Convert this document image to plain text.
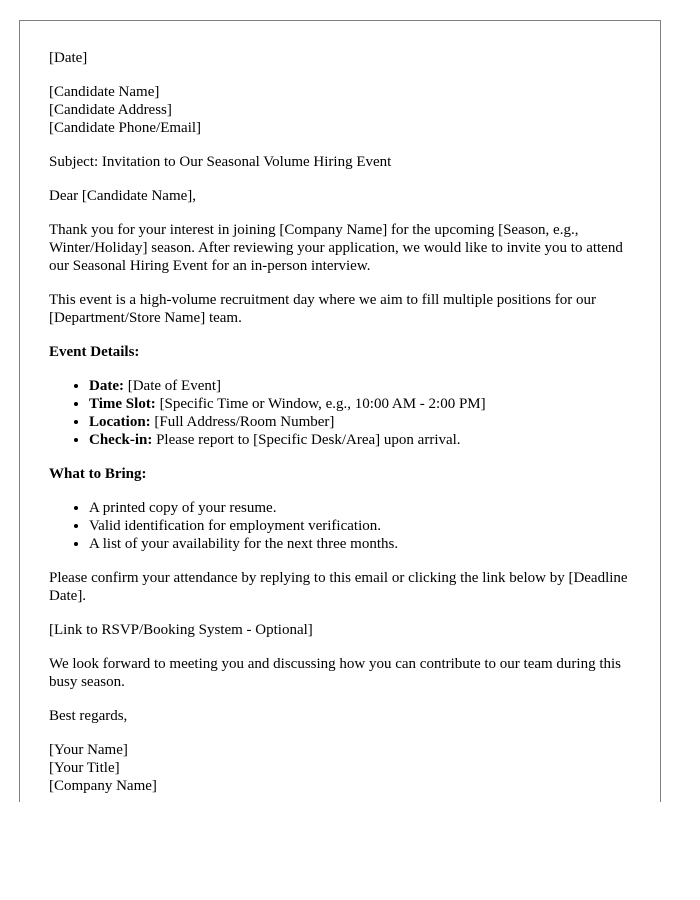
[Date]

[Candidate Name]
[Candidate Address]
[Candidate Phone/Email]

Subject: Invitation to Our Seasonal Volume Hiring Event

Dear [Candidate Name],

Thank you for your interest in joining [Company Name] for the upcoming [Season, e.g., Winter/Holiday] season. After reviewing your application, we would like to invite you to attend our Seasonal Hiring Event for an in-person interview.

This event is a high-volume recruitment day where we aim to fill multiple positions for our [Department/Store Name] team.

Event Details:

• Date: [Date of Event]
• Time Slot: [Specific Time or Window, e.g., 10:00 AM - 2:00 PM]
• Location: [Full Address/Room Number]
• Check-in: Please report to [Specific Desk/Area] upon arrival.

What to Bring:

• A printed copy of your resume.
• Valid identification for employment verification.
• A list of your availability for the next three months.

Please confirm your attendance by replying to this email or clicking the link below by [Deadline Date].

[Link to RSVP/Booking System - Optional]

We look forward to meeting you and discussing how you can contribute to our team during this busy season.

Best regards,

[Your Name]
[Your Title]
[Company Name]
